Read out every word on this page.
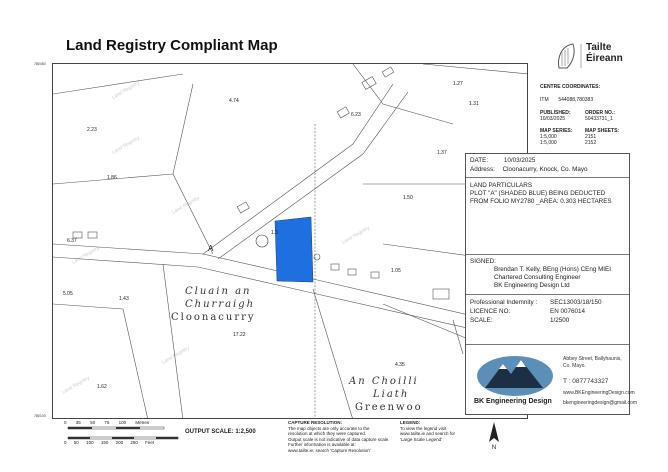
Land Registry Compliant Map
Land Registry
Land Registry
Land Registry
Land Registry
Land Registry
Land Registry
Land Registry
A
4.74
2.23
1.86
6.37
5.05
1.43
17.22
1.62
1.27
1.31
6.23
1.37
1.50
1.05
4.35
1.3
Cluain an
Churraigh
Cloonacurry
An Choilli
Liath
Greenwoo
780450
780100
Tailte
Éireann
CENTRE COORDINATES:
ITM 544088,780383
PUBLISHED:
10/03/2025
ORDER NO.:
50433731_1
MAP SERIES:
1:5,000
1:5,000
MAP SHEETS:
2151
2152
DATE:	10/03/2025
Address: Cloonacurry, Knock, Co. Mayo
LAND PARTICULARS
PLOT "A" (SHADED BLUE) BEING DEDUCTED
FROM FOLIO MY2780 _AREA: 0.303 HECTARES
SIGNED:
Brendan T. Kelly, BEng (Hons) CEng MIEI
Chartered Consulting Engineer
BK Engineering Design Ltd
Professional Indemnity : SEC13003/18/150
LICENCE NO:	EN 0076014
SCALE:	1/2500
BK Engineering Design
Abbey Street, Ballyhaunis,
Co. Mayo.
T : 0877743327
www.BKEngineeringDesign.com
bkengineeringdesign@gmail.com
0 35 50 75 100 Metres
0 50 100 150 200 250 Feet
OUTPUT SCALE: 1:2,500
CAPTURE RESOLUTION:
The map objects are only accurate to the
resolution at which they were captured.
Output scale is not indicative of data capture scale.
Further information is available at:
www.tailte.ie; search 'Capture Resolution'
LEGEND:
To view the legend visit
www.tailte.ie and search for
'Large Scale Legend'
N
